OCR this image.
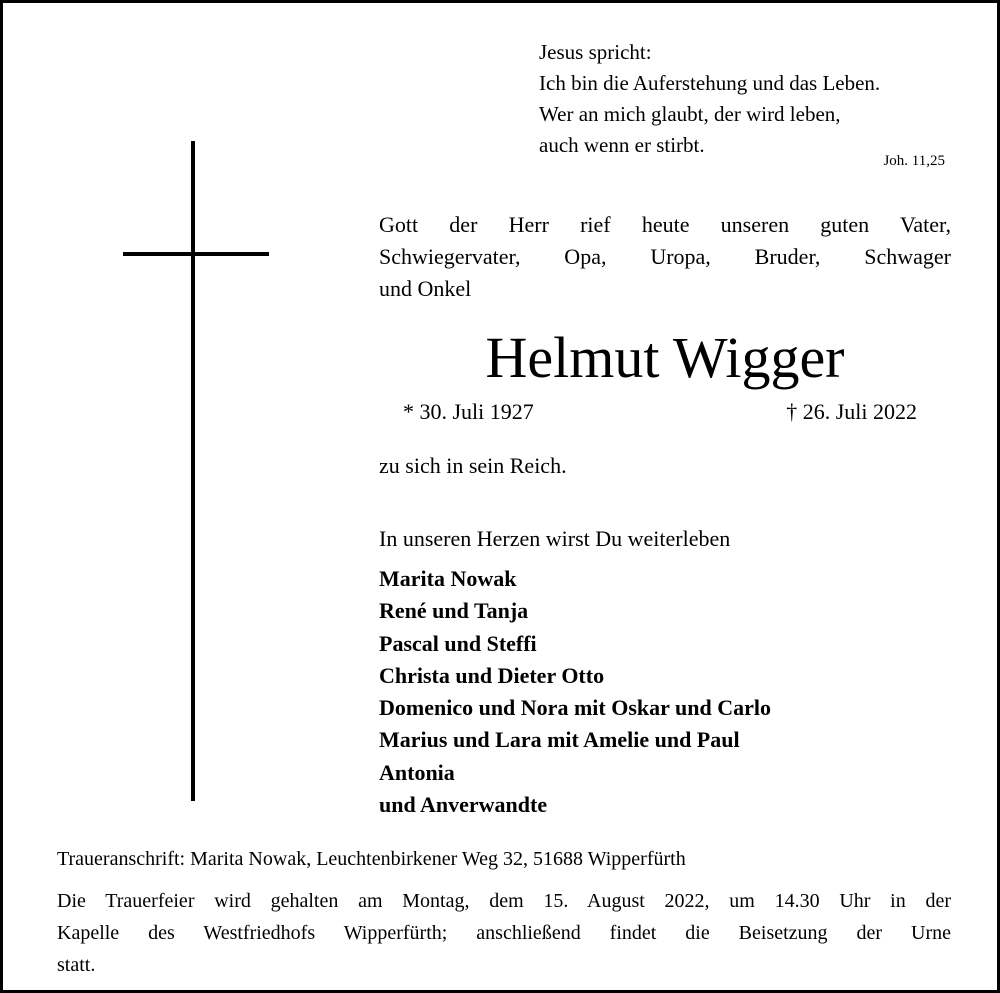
Jesus spricht:
Ich bin die Auferstehung und das Leben.
Wer an mich glaubt, der wird leben,
auch wenn er stirbt.
Joh. 11,25
Gott der Herr rief heute unseren guten Vater,
Schwiegervater, Opa, Uropa, Bruder, Schwager
und Onkel
Helmut Wigger
* 30. Juli 1927	† 26. Juli 2022
zu sich in sein Reich.
In unseren Herzen wirst Du weiterleben
Marita Nowak
René und Tanja
Pascal und Steffi
Christa und Dieter Otto
Domenico und Nora mit Oskar und Carlo
Marius und Lara mit Amelie und Paul
Antonia
und Anverwandte
Traueranschrift: Marita Nowak, Leuchtenbirkener Weg 32, 51688 Wipperfürth
Die Trauerfeier wird gehalten am Montag, dem 15. August 2022, um 14.30 Uhr in der
Kapelle des Westfriedhofs Wipperfürth; anschließend findet die Beisetzung der Urne
statt.
